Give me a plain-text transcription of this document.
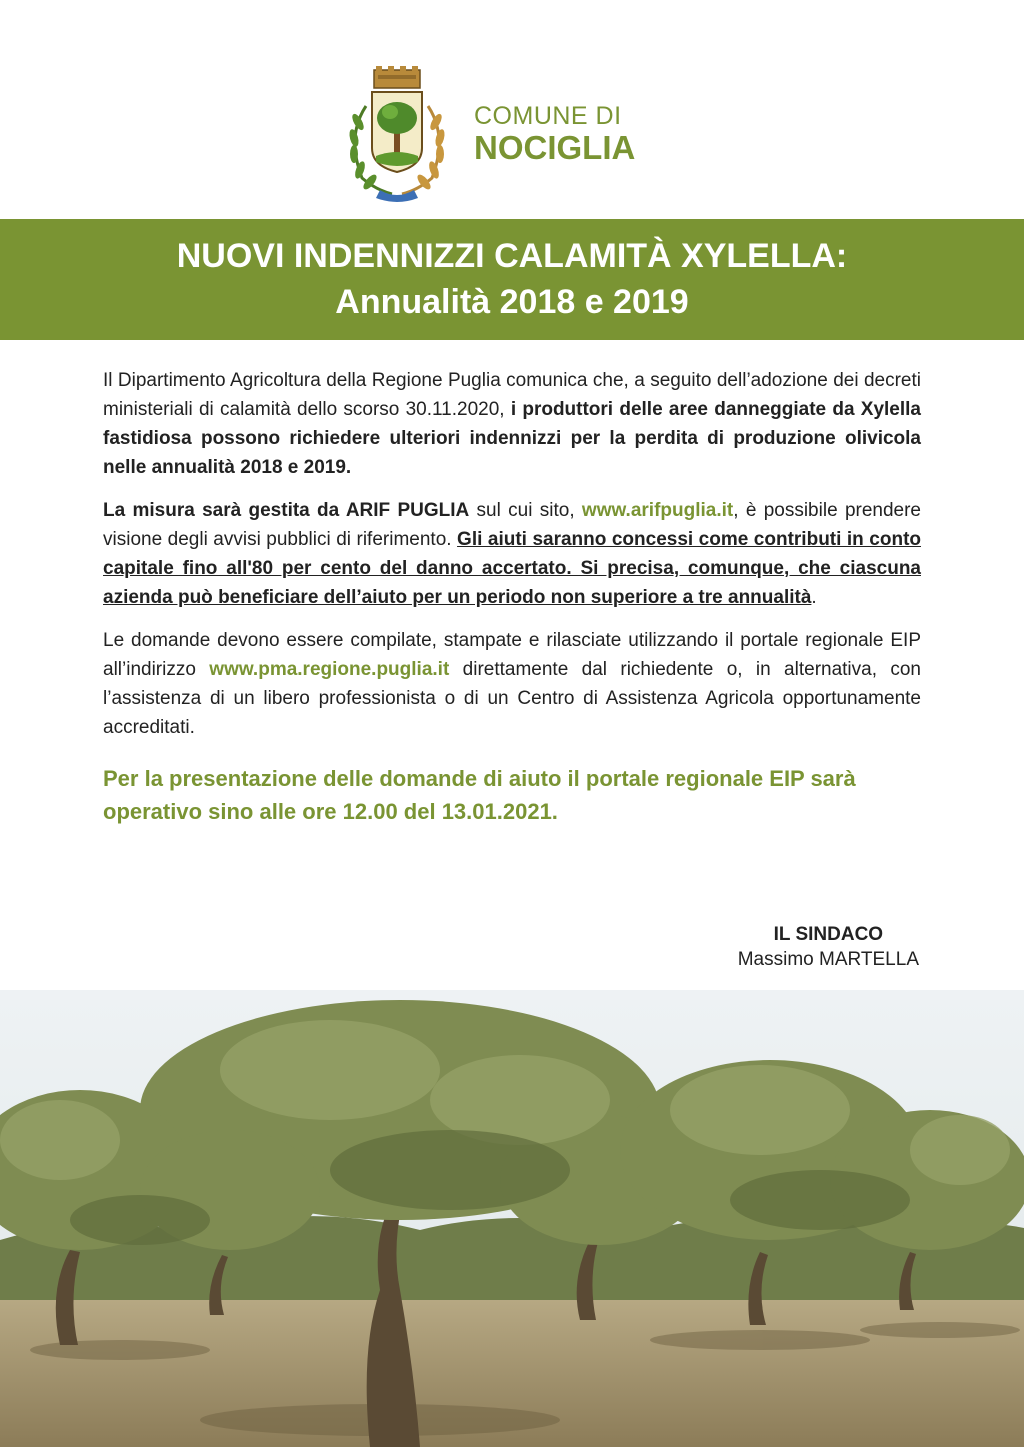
COMUNE DI
NOCIGLIA
NUOVI INDENNIZZI CALAMITÀ XYLELLA:
Annualità 2018 e 2019

Il Dipartimento Agricoltura della Regione Puglia comunica che, a seguito dell’adozione dei decreti ministeriali di calamità dello scorso 30.11.2020, i produttori delle aree danneggiate da Xylella fastidiosa possono richiedere ulteriori indennizzi per la perdita di produzione olivicola nelle annualità 2018 e 2019.

La misura sarà gestita da ARIF PUGLIA sul cui sito, www.arifpuglia.it, è possibile prendere visione degli avvisi pubblici di riferimento. Gli aiuti saranno concessi come contributi in conto capitale fino all'80 per cento del danno accertato. Si precisa, comunque, che ciascuna azienda può beneficiare dell’aiuto per un periodo non superiore a tre annualità.

Le domande devono essere compilate, stampate e rilasciate utilizzando il portale regionale EIP all’indirizzo www.pma.regione.puglia.it direttamente dal richiedente o, in alternativa, con l’assistenza di un libero professionista o di un Centro di Assistenza Agricola opportunamente accreditati.

Per la presentazione delle domande di aiuto il portale regionale EIP sarà operativo sino alle ore 12.00 del 13.01.2021.
IL SINDACO
Massimo MARTELLA
